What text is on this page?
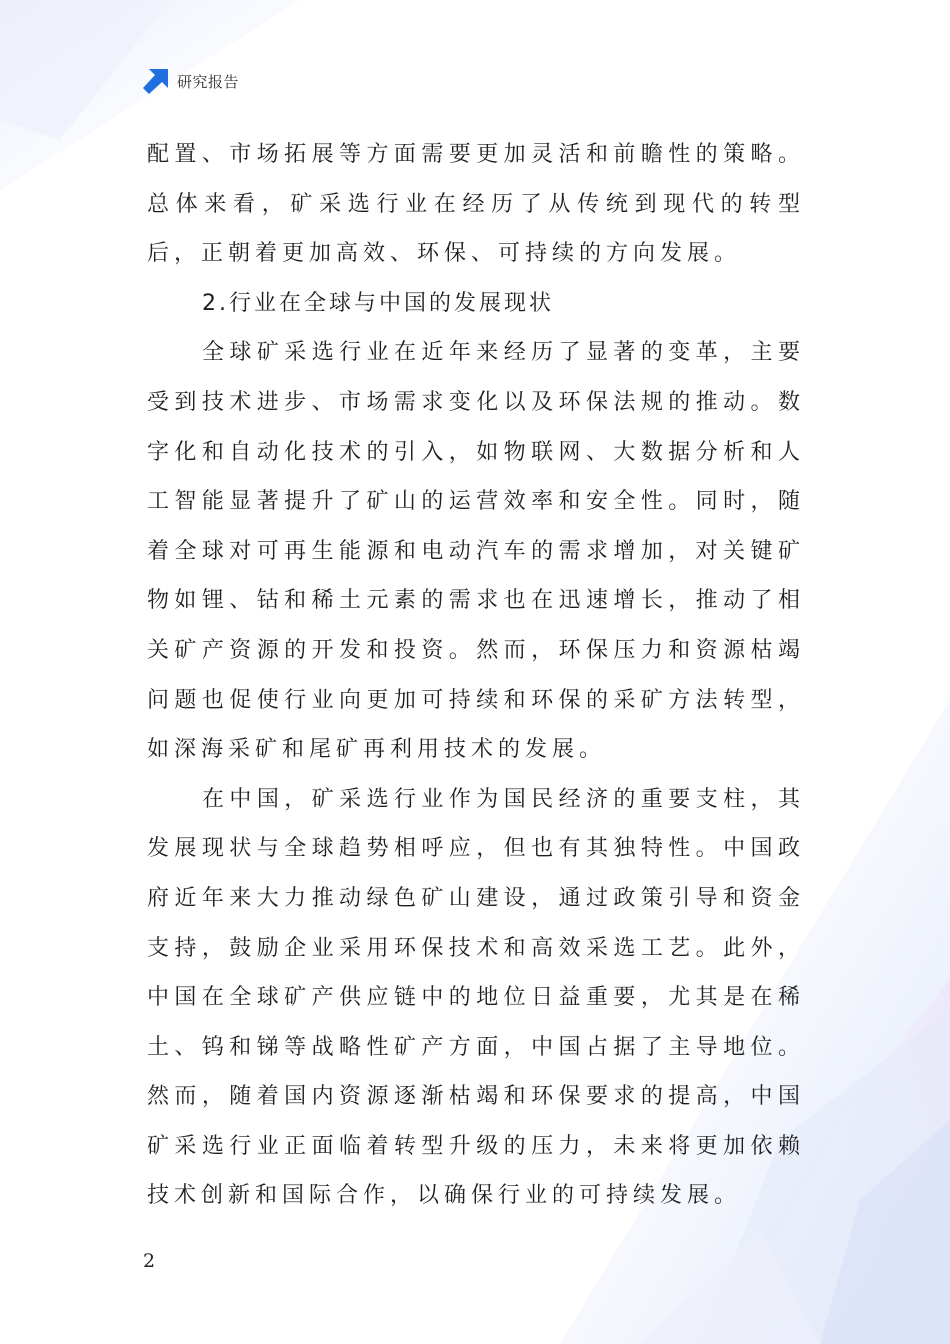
研究报告

配置、市场拓展等方面需要更加灵活和前瞻性的策略。总体来看，矿采选行业在经历了从传统到现代的转型后，正朝着更加高效、环保、可持续的方向发展。

2.行业在全球与中国的发展现状

全球矿采选行业在近年来经历了显著的变革，主要受到技术进步、市场需求变化以及环保法规的推动。数字化和自动化技术的引入，如物联网、大数据分析和人工智能显著提升了矿山的运营效率和安全性。同时，随着全球对可再生能源和电动汽车的需求增加，对关键矿物如锂、钴和稀土元素的需求也在迅速增长，推动了相关矿产资源的开发和投资。然而，环保压力和资源枯竭问题也促使行业向更加可持续和环保的采矿方法转型，如深海采矿和尾矿再利用技术的发展。

在中国，矿采选行业作为国民经济的重要支柱，其发展现状与全球趋势相呼应，但也有其独特性。中国政府近年来大力推动绿色矿山建设，通过政策引导和资金支持，鼓励企业采用环保技术和高效采选工艺。此外，中国在全球矿产供应链中的地位日益重要，尤其是在稀土、钨和锑等战略性矿产方面，中国占据了主导地位。然而，随着国内资源逐渐枯竭和环保要求的提高，中国矿采选行业正面临着转型升级的压力，未来将更加依赖技术创新和国际合作，以确保行业的可持续发展。

2
